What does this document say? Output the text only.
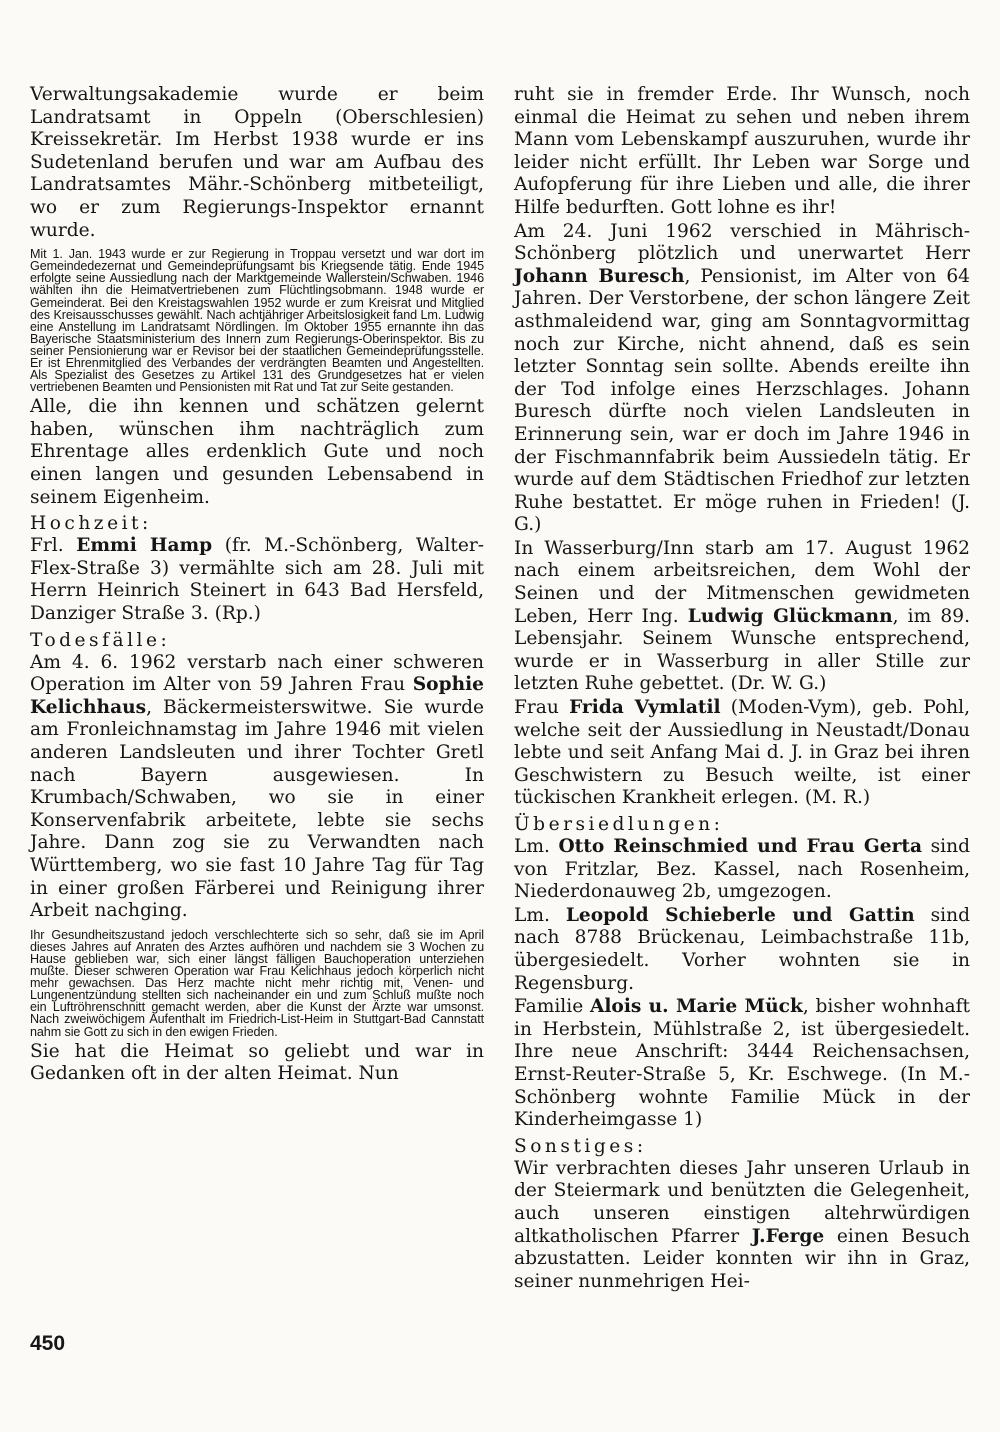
Verwaltungsakademie wurde er beim Landratsamt in Oppeln (Oberschlesien) Kreissekretär. Im Herbst 1938 wurde er ins Sudetenland berufen und war am Aufbau des Landratsamtes Mähr.-Schönberg mitbeteiligt, wo er zum Regierungs-Inspektor ernannt wurde.

Mit 1. Jan. 1943 wurde er zur Regierung in Troppau versetzt und war dort im Gemeindedezernat und Gemeindeprüfungsamt bis Kriegsende tätig. Ende 1945 erfolgte seine Aussiedlung nach der Marktgemeinde Wallerstein/Schwaben. 1946 wählten ihn die Heimatvertriebenen zum Flüchtlingsobmann. 1948 wurde er Gemeinderat. Bei den Kreistagswahlen 1952 wurde er zum Kreisrat und Mitglied des Kreisausschusses gewählt. Nach achtjähriger Arbeitslosigkeit fand Lm. Ludwig eine Anstellung im Landratsamt Nördlingen. Im Oktober 1955 ernannte ihn das Bayerische Staatsministerium des Innern zum Regierungs-Oberinspektor. Bis zu seiner Pensionierung war er Revisor bei der staatlichen Gemeindeprüfungsstelle. Er ist Ehrenmitglied des Verbandes der verdrängten Beamten und Angestellten. Als Spezialist des Gesetzes zu Artikel 131 des Grundgesetzes hat er vielen vertriebenen Beamten und Pensionisten mit Rat und Tat zur Seite gestanden.

Alle, die ihn kennen und schätzen gelernt haben, wünschen ihm nachträglich zum Ehrentage alles erdenklich Gute und noch einen langen und gesunden Lebensabend in seinem Eigenheim.

Hochzeit:

Frl. Emmi Hamp (fr. M.-Schönberg, Walter-Flex-Straße 3) vermählte sich am 28. Juli mit Herrn Heinrich Steinert in 643 Bad Hersfeld, Danziger Straße 3. (Rp.)

Todesfälle:

Am 4. 6. 1962 verstarb nach einer schweren Operation im Alter von 59 Jahren Frau Sophie Kelichhaus, Bäckermeisterswitwe. Sie wurde am Fronleichnamstag im Jahre 1946 mit vielen anderen Landsleuten und ihrer Tochter Gretl nach Bayern ausgewiesen. In Krumbach/Schwaben, wo sie in einer Konservenfabrik arbeitete, lebte sie sechs Jahre. Dann zog sie zu Verwandten nach Württemberg, wo sie fast 10 Jahre Tag für Tag in einer großen Färberei und Reinigung ihrer Arbeit nachging.

Ihr Gesundheitszustand jedoch verschlechterte sich so sehr, daß sie im April dieses Jahres auf Anraten des Arztes aufhören und nachdem sie 3 Wochen zu Hause geblieben war, sich einer längst fälligen Bauchoperation unterziehen mußte. Dieser schweren Operation war Frau Kelichhaus jedoch körperlich nicht mehr gewachsen. Das Herz machte nicht mehr richtig mit, Venen- und Lungenentzündung stellten sich nacheinander ein und zum Schluß mußte noch ein Luftröhrenschnitt gemacht werden, aber die Kunst der Ärzte war umsonst. Nach zweiwöchigem Aufenthalt im Friedrich-List-Heim in Stuttgart-Bad Cannstatt nahm sie Gott zu sich in den ewigen Frieden.

Sie hat die Heimat so geliebt und war in Gedanken oft in der alten Heimat. Nun

ruht sie in fremder Erde. Ihr Wunsch, noch einmal die Heimat zu sehen und neben ihrem Mann vom Lebenskampf auszuruhen, wurde ihr leider nicht erfüllt. Ihr Leben war Sorge und Aufopferung für ihre Lieben und alle, die ihrer Hilfe bedurften. Gott lohne es ihr!

Am 24. Juni 1962 verschied in Mährisch-Schönberg plötzlich und unerwartet Herr Johann Buresch, Pensionist, im Alter von 64 Jahren. Der Verstorbene, der schon längere Zeit asthmaleidend war, ging am Sonntagvormittag noch zur Kirche, nicht ahnend, daß es sein letzter Sonntag sein sollte. Abends ereilte ihn der Tod infolge eines Herzschlages. Johann Buresch dürfte noch vielen Landsleuten in Erinnerung sein, war er doch im Jahre 1946 in der Fischmannfabrik beim Aussiedeln tätig. Er wurde auf dem Städtischen Friedhof zur letzten Ruhe bestattet. Er möge ruhen in Frieden! (J. G.)

In Wasserburg/Inn starb am 17. August 1962 nach einem arbeitsreichen, dem Wohl der Seinen und der Mitmenschen gewidmeten Leben, Herr Ing. Ludwig Glückmann, im 89. Lebensjahr. Seinem Wunsche entsprechend, wurde er in Wasserburg in aller Stille zur letzten Ruhe gebettet. (Dr. W. G.)

Frau Frida Vymlatil (Moden-Vym), geb. Pohl, welche seit der Aussiedlung in Neustadt/Donau lebte und seit Anfang Mai d. J. in Graz bei ihren Geschwistern zu Besuch weilte, ist einer tückischen Krankheit erlegen. (M. R.)

Übersiedlungen:

Lm. Otto Reinschmied und Frau Gerta sind von Fritzlar, Bez. Kassel, nach Rosenheim, Niederdonauweg 2b, umgezogen.

Lm. Leopold Schieberle und Gattin sind nach 8788 Brückenau, Leimbachstraße 11b, übergesiedelt. Vorher wohnten sie in Regensburg.

Familie Alois u. Marie Mück, bisher wohnhaft in Herbstein, Mühlstraße 2, ist übergesiedelt. Ihre neue Anschrift: 3444 Reichensachsen, Ernst-Reuter-Straße 5, Kr. Eschwege. (In M.-Schönberg wohnte Familie Mück in der Kinderheimgasse 1)

Sonstiges:

Wir verbrachten dieses Jahr unseren Urlaub in der Steiermark und benützten die Gelegenheit, auch unseren einstigen altehrwürdigen altkatholischen Pfarrer J.Ferge einen Besuch abzustatten. Leider konnten wir ihn in Graz, seiner nunmehrigen Hei-

450
